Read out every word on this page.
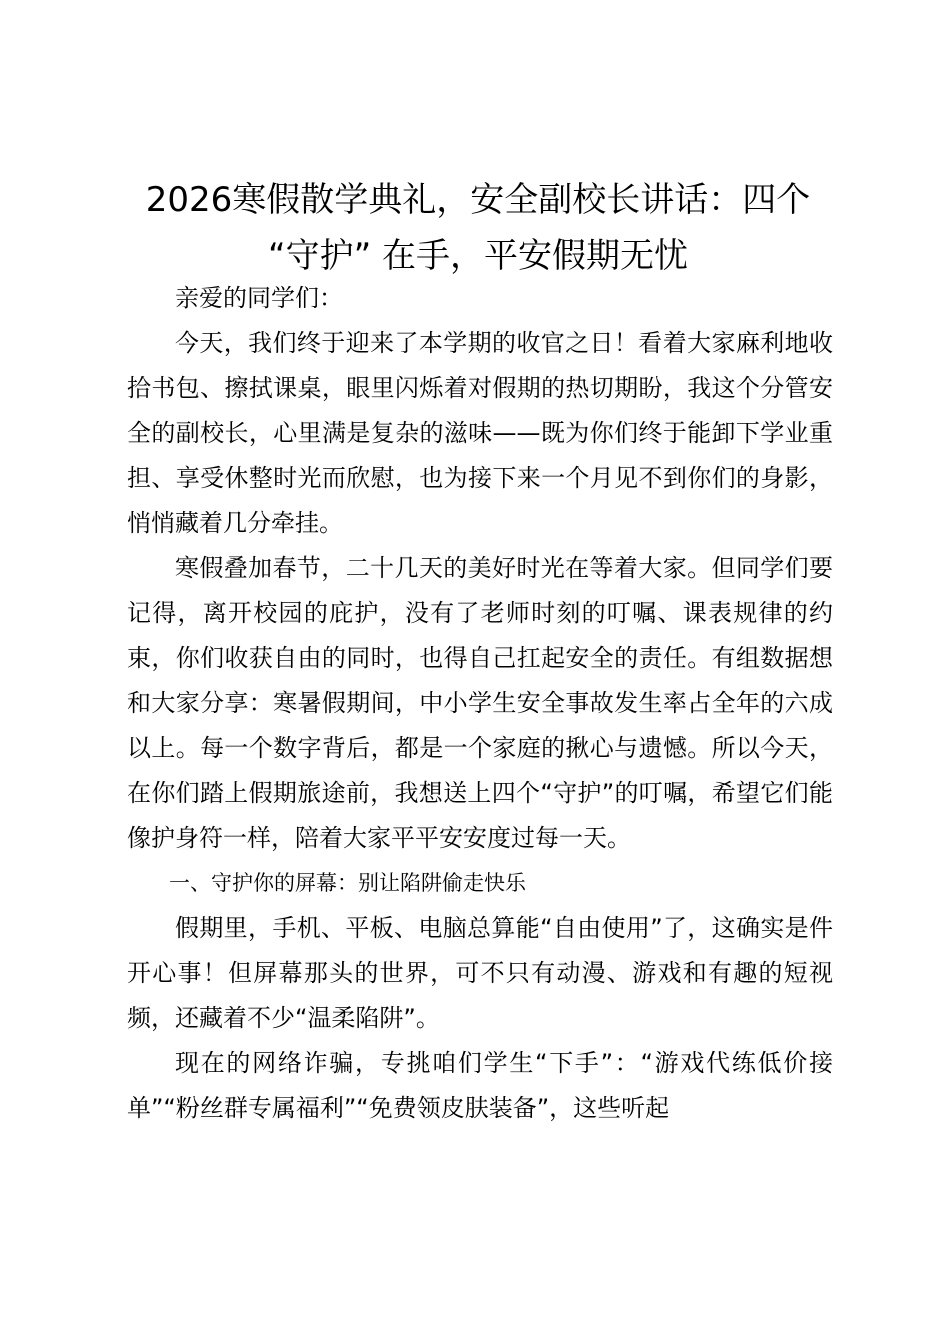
2026寒假散学典礼，安全副校长讲话：四个
“守护” 在手，平安假期无忧

亲爱的同学们：

今天，我们终于迎来了本学期的收官之日！看着大家麻利地收拾书包、擦拭课桌，眼里闪烁着对假期的热切期盼，我这个分管安全的副校长，心里满是复杂的滋味——既为你们终于能卸下学业重担、享受休整时光而欣慰，也为接下来一个月见不到你们的身影，悄悄藏着几分牵挂。

寒假叠加春节，二十几天的美好时光在等着大家。但同学们要记得，离开校园的庇护，没有了老师时刻的叮嘱、课表规律的约束，你们收获自由的同时，也得自己扛起安全的责任。有组数据想和大家分享：寒暑假期间，中小学生安全事故发生率占全年的六成以上。每一个数字背后，都是一个家庭的揪心与遗憾。所以今天，在你们踏上假期旅途前，我想送上四个“守护”的叮嘱，希望它们能像护身符一样，陪着大家平平安安度过每一天。

一、守护你的屏幕：别让陷阱偷走快乐

假期里，手机、平板、电脑总算能“自由使用”了，这确实是件开心事！但屏幕那头的世界，可不只有动漫、游戏和有趣的短视频，还藏着不少“温柔陷阱”。

现在的网络诈骗，专挑咱们学生“下手”：“游戏代练低价接单”“粉丝群专属福利”“免费领皮肤装备”，这些听起
